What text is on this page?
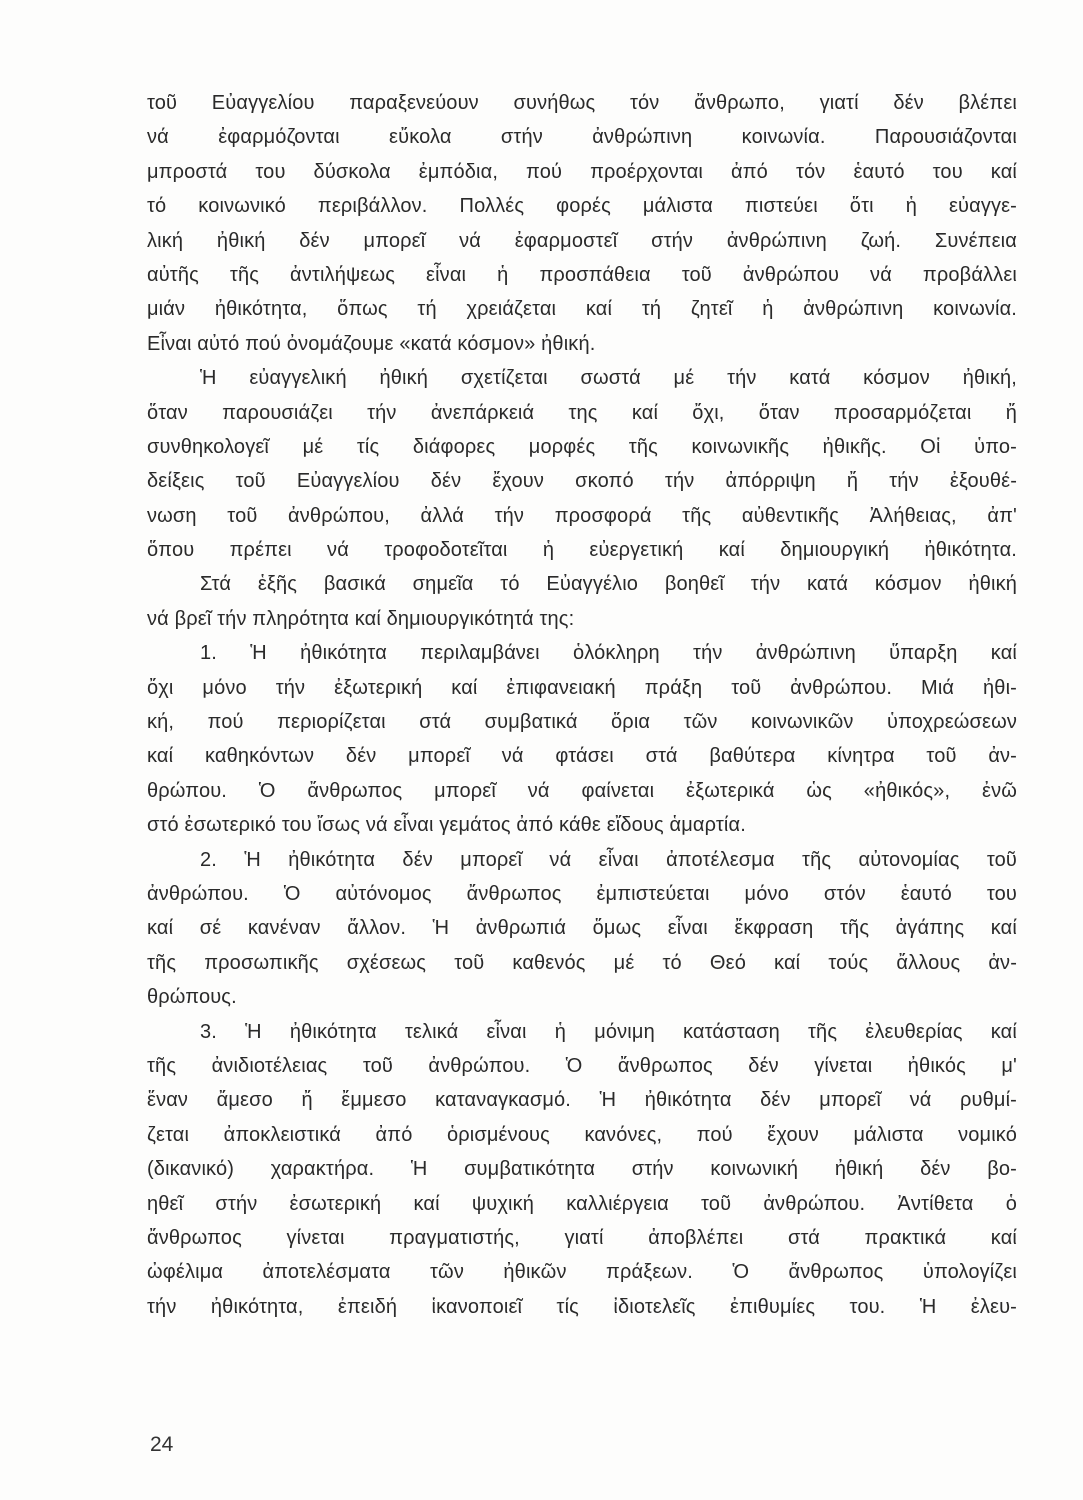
τοῦ Εὐαγγελίου παραξενεύουν συνήθως τόν ἄνθρωπο, γιατί δέν βλέπει
νά ἐφαρμόζονται εὔκολα στήν ἀνθρώπινη κοινωνία. Παρουσιάζονται
μπροστά του δύσκολα ἐμπόδια, πού προέρχονται ἀπό τόν ἑαυτό του καί
τό κοινωνικό περιβάλλον. Πολλές φορές μάλιστα πιστεύει ὅτι ἡ εὐαγγε-
λική ἠθική δέν μπορεῖ νά ἐφαρμοστεῖ στήν ἀνθρώπινη ζωή. Συνέπεια
αὐτῆς τῆς ἀντιλήψεως εἶναι ἡ προσπάθεια τοῦ ἀνθρώπου νά προβάλλει
μιάν ἠθικότητα, ὅπως τή χρειάζεται καί τή ζητεῖ ἡ ἀνθρώπινη κοινωνία.
Εἶναι αὐτό πού ὀνομάζουμε «κατά κόσμον» ἠθική.
Ἡ εὐαγγελική ἠθική σχετίζεται σωστά μέ τήν κατά κόσμον ἠθική,
ὅταν παρουσιάζει τήν ἀνεπάρκειά της καί ὄχι, ὅταν προσαρμόζεται ἤ
συνθηκολογεῖ μέ τίς διάφορες μορφές τῆς κοινωνικῆς ἠθικῆς. Οἱ ὑπο-
δείξεις τοῦ Εὐαγγελίου δέν ἔχουν σκοπό τήν ἀπόρριψη ἤ τήν ἐξουθέ-
νωση τοῦ ἀνθρώπου, ἀλλά τήν προσφορά τῆς αὐθεντικῆς Ἀλήθειας, ἀπ'
ὅπου πρέπει νά τροφοδοτεῖται ἡ εὐεργετική καί δημιουργική ἠθικότητα.
Στά ἑξῆς βασικά σημεῖα τό Εὐαγγέλιο βοηθεῖ τήν κατά κόσμον ἠθική
νά βρεῖ τήν πληρότητα καί δημιουργικότητά της:
1. Ἡ ἠθικότητα περιλαμβάνει ὁλόκληρη τήν ἀνθρώπινη ὕπαρξη καί
ὄχι μόνο τήν ἐξωτερική καί ἐπιφανειακή πράξη τοῦ ἀνθρώπου. Μιά ἠθι-
κή, πού περιορίζεται στά συμβατικά ὅρια τῶν κοινωνικῶν ὑποχρεώσεων
καί καθηκόντων δέν μπορεῖ νά φτάσει στά βαθύτερα κίνητρα τοῦ ἀν-
θρώπου. Ὁ ἄνθρωπος μπορεῖ νά φαίνεται ἐξωτερικά ὡς «ἠθικός», ἐνῶ
στό ἐσωτερικό του ἴσως νά εἶναι γεμάτος ἀπό κάθε εἴδους ἁμαρτία.
2. Ἡ ἠθικότητα δέν μπορεῖ νά εἶναι ἀποτέλεσμα τῆς αὐτονομίας τοῦ
ἀνθρώπου. Ὁ αὐτόνομος ἄνθρωπος ἐμπιστεύεται μόνο στόν ἑαυτό του
καί σέ κανέναν ἄλλον. Ἡ ἀνθρωπιά ὅμως εἶναι ἔκφραση τῆς ἀγάπης καί
τῆς προσωπικῆς σχέσεως τοῦ καθενός μέ τό Θεό καί τούς ἄλλους ἀν-
θρώπους.
3. Ἡ ἠθικότητα τελικά εἶναι ἡ μόνιμη κατάσταση τῆς ἐλευθερίας καί
τῆς ἀνιδιοτέλειας τοῦ ἀνθρώπου. Ὁ ἄνθρωπος δέν γίνεται ἠθικός μ'
ἕναν ἄμεσο ἤ ἔμμεσο καταναγκασμό. Ἡ ἠθικότητα δέν μπορεῖ νά ρυθμί-
ζεται ἀποκλειστικά ἀπό ὁρισμένους κανόνες, πού ἔχουν μάλιστα νομικό
(δικανικό) χαρακτήρα. Ἡ συμβατικότητα στήν κοινωνική ἠθική δέν βο-
ηθεῖ στήν ἐσωτερική καί ψυχική καλλιέργεια τοῦ ἀνθρώπου. Ἀντίθετα ὁ
ἄνθρωπος γίνεται πραγματιστής, γιατί ἀποβλέπει στά πρακτικά καί
ὠφέλιμα ἀποτελέσματα τῶν ἠθικῶν πράξεων. Ὁ ἄνθρωπος ὑπολογίζει
τήν ἠθικότητα, ἐπειδή ἱκανοποιεῖ τίς ἰδιοτελεῖς ἐπιθυμίες του. Ἡ ἐλευ-
24
